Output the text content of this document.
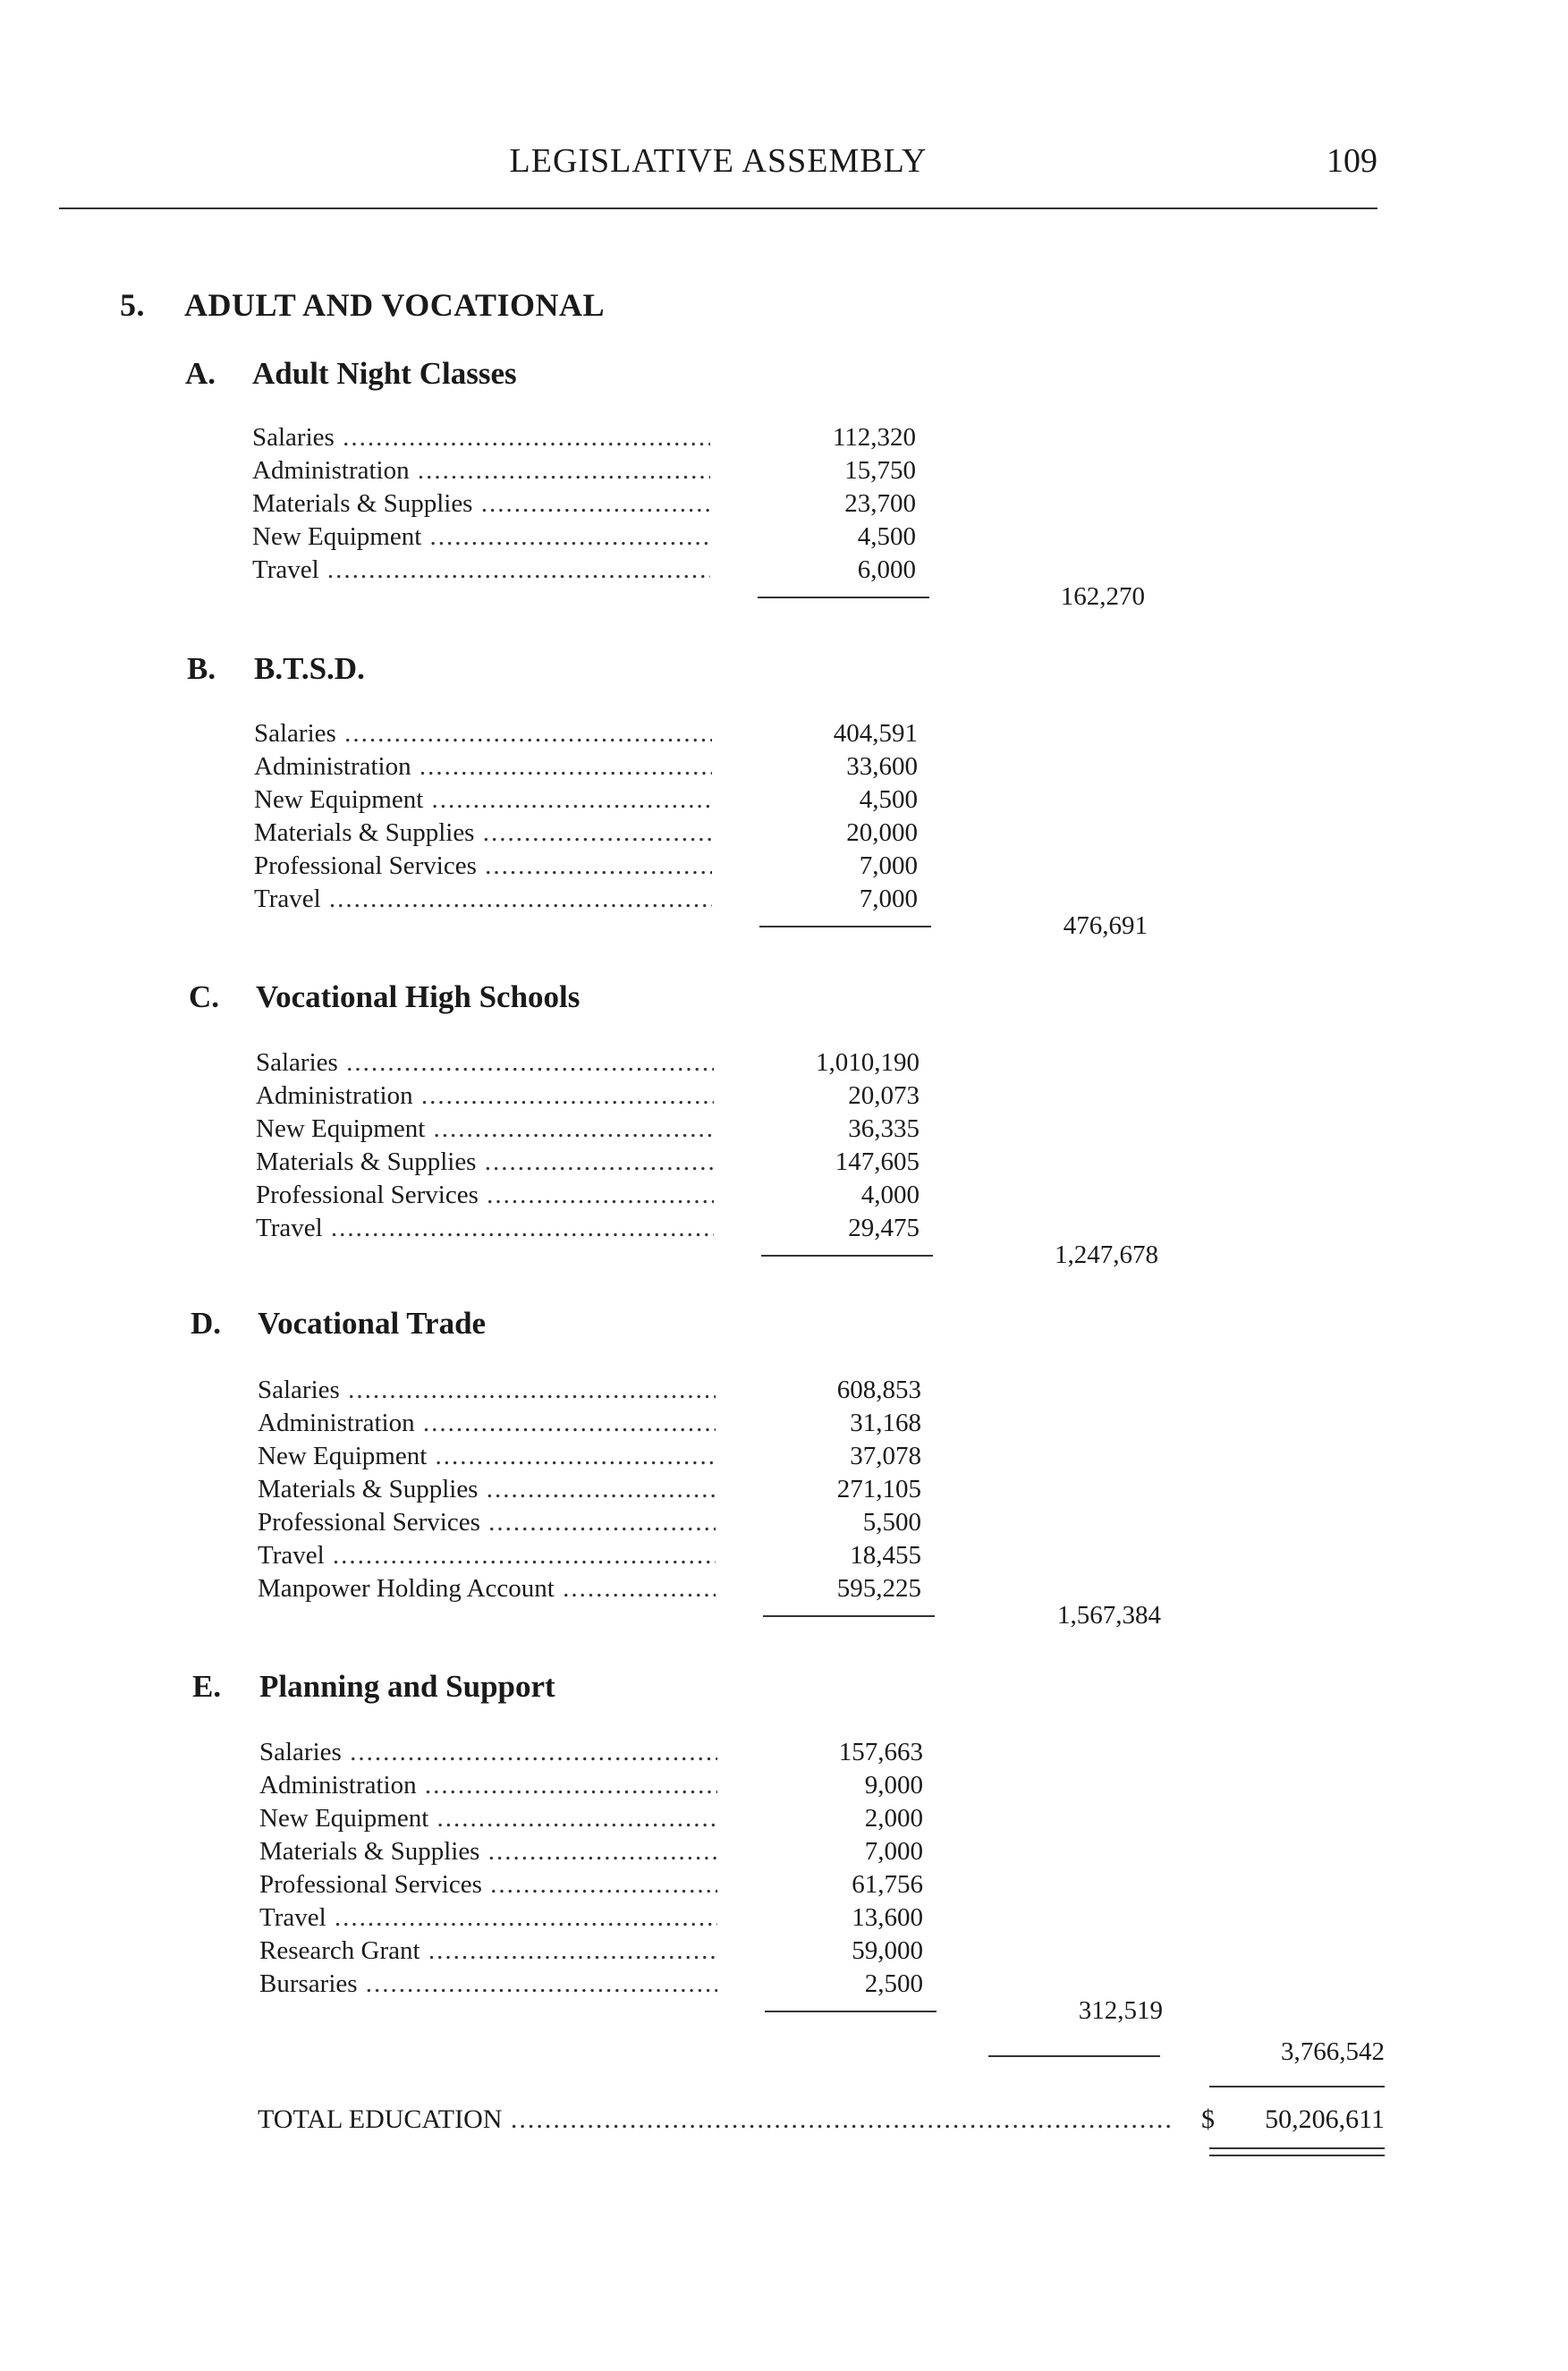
LEGISLATIVE ASSEMBLY	109
5. ADULT AND VOCATIONAL
A. Adult Night Classes
Salaries .....	112,320
Administration .....	15,750
Materials & Supplies .....	23,700
New Equipment .....	4,500
Travel .....	6,000
162,270
B. B.T.S.D.
Salaries .....	404,591
Administration .....	33,600
New Equipment .....	4,500
Materials & Supplies .....	20,000
Professional Services .....	7,000
Travel .....	7,000
476,691
C. Vocational High Schools
Salaries .....	1,010,190
Administration .....	20,073
New Equipment .....	36,335
Materials & Supplies .....	147,605
Professional Services .....	4,000
Travel .....	29,475
1,247,678
D. Vocational Trade
Salaries .....	608,853
Administration .....	31,168
New Equipment .....	37,078
Materials & Supplies .....	271,105
Professional Services .....	5,500
Travel .....	18,455
Manpower Holding Account .....	595,225
1,567,384
E. Planning and Support
Salaries .....	157,663
Administration .....	9,000
New Equipment .....	2,000
Materials & Supplies .....	7,000
Professional Services .....	61,756
Travel .....	13,600
Research Grant .....	59,000
Bursaries .....	2,500
312,519
3,766,542
TOTAL EDUCATION .....	$ 50,206,611
